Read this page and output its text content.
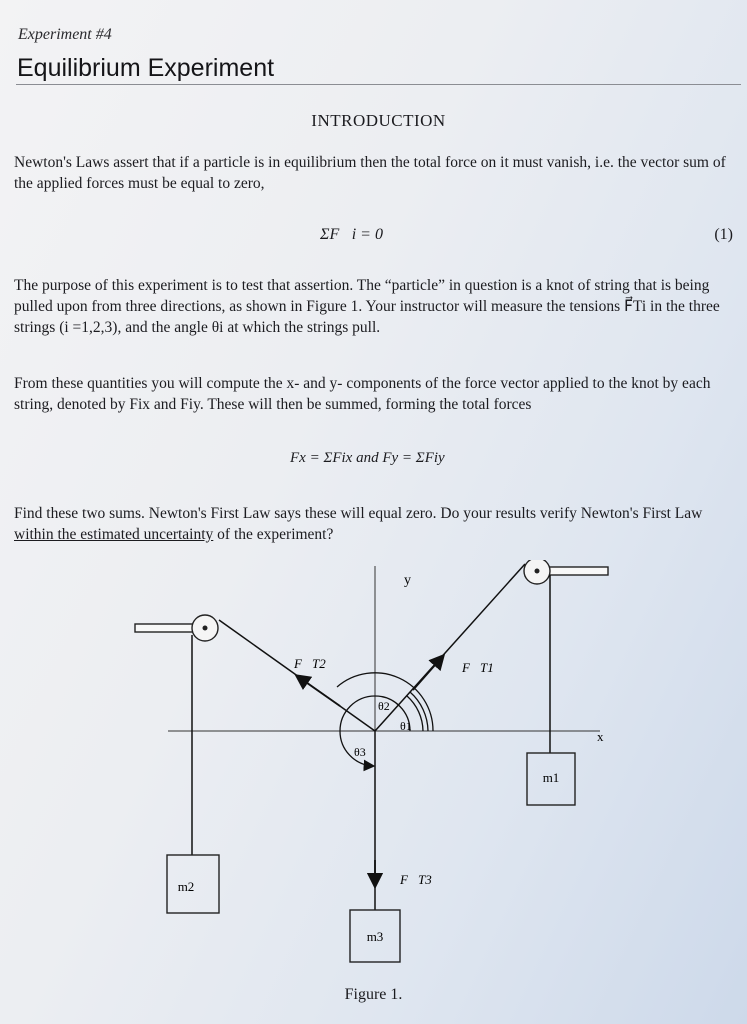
Experiment #4
Equilibrium Experiment
INTRODUCTION
Newton's Laws assert that if a particle is in equilibrium then the total force on it must vanish, i.e. the vector sum of the applied forces must be equal to zero,
ΣF⃗i = 0	(1)
The purpose of this experiment is to test that assertion. The “particle” in question is a knot of string that is being pulled upon from three directions, as shown in Figure 1. Your instructor will measure the tensions F⃗Ti in the three strings (i =1,2,3), and the angle θi at which the strings pull.
From these quantities you will compute the x- and y- components of the force vector applied to the knot by each string, denoted by Fix and Fiy. These will then be summed, forming the total forces
Fx = ΣFix and Fy = ΣFiy
Find these two sums. Newton's First Law says these will equal zero. Do your results verify Newton's First Law within the estimated uncertainty of the experiment?
x
y
θ2
θ1
θ3
F⃗T2	F⃗T1
F⃗T3
m1
m2
m3
Figure 1.
